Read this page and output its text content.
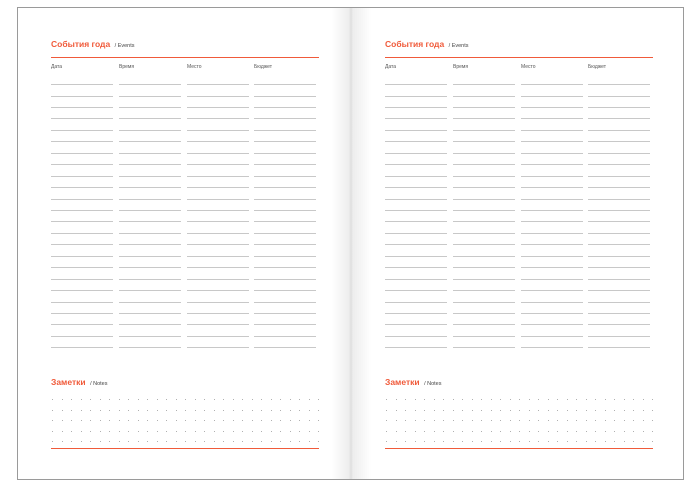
События года / Events
Дата	Время	Место	Бюджет
Заметки / Notes
События года / Events
Дата	Время	Место	Бюджет
Заметки / Notes
